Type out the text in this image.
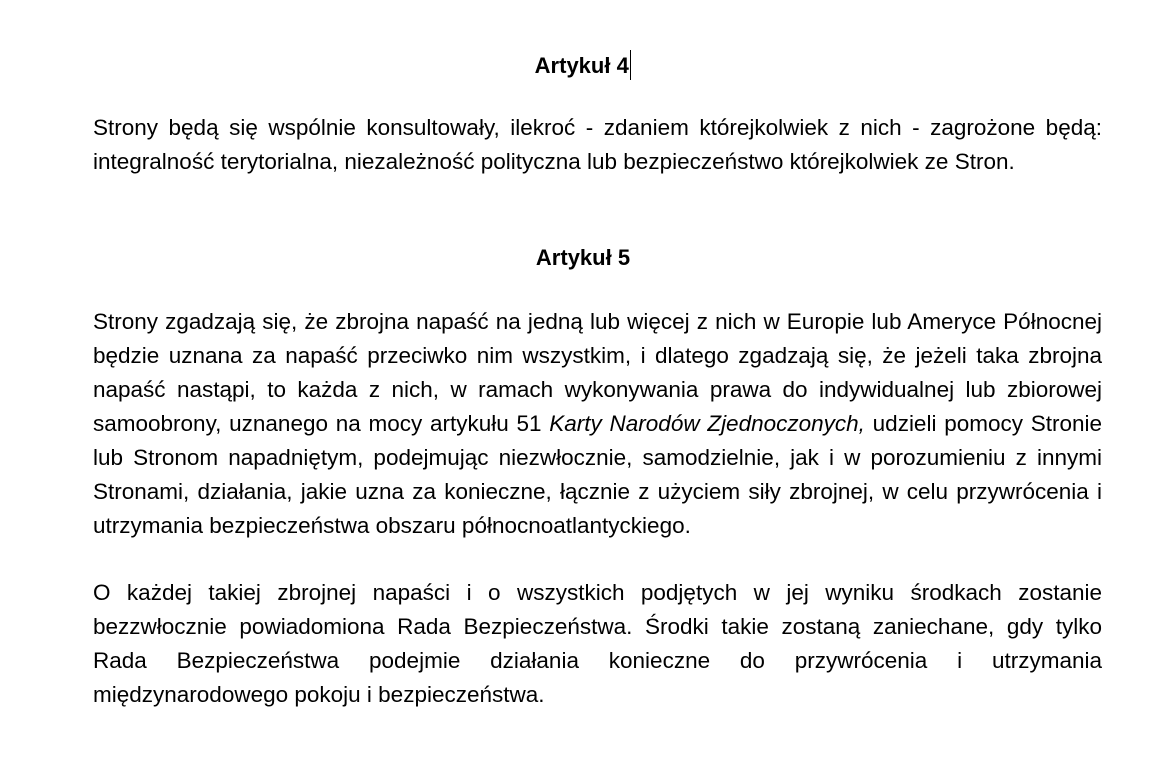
Artykuł 4

Strony będą się wspólnie konsultowały, ilekroć - zdaniem którejkolwiek z nich - zagrożone będą: integralność terytorialna, niezależność polityczna lub bezpieczeństwo którejkolwiek ze Stron.

Artykuł 5

Strony zgadzają się, że zbrojna napaść na jedną lub więcej z nich w Europie lub Ameryce Północnej będzie uznana za napaść przeciwko nim wszystkim, i dlatego zgadzają się, że jeżeli taka zbrojna napaść nastąpi, to każda z nich, w ramach wykonywania prawa do indywidualnej lub zbiorowej samoobrony, uznanego na mocy artykułu 51 Karty Narodów Zjednoczonych, udzieli pomocy Stronie lub Stronom napadniętym, podejmując niezwłocznie, samodzielnie, jak i w porozumieniu z innymi Stronami, działania, jakie uzna za konieczne, łącznie z użyciem siły zbrojnej, w celu przywrócenia i utrzymania bezpieczeństwa obszaru północnoatlantyckiego.

O każdej takiej zbrojnej napaści i o wszystkich podjętych w jej wyniku środkach zostanie bezzwłocznie powiadomiona Rada Bezpieczeństwa. Środki takie zostaną zaniechane, gdy tylko Rada Bezpieczeństwa podejmie działania konieczne do przywrócenia i utrzymania międzynarodowego pokoju i bezpieczeństwa.
